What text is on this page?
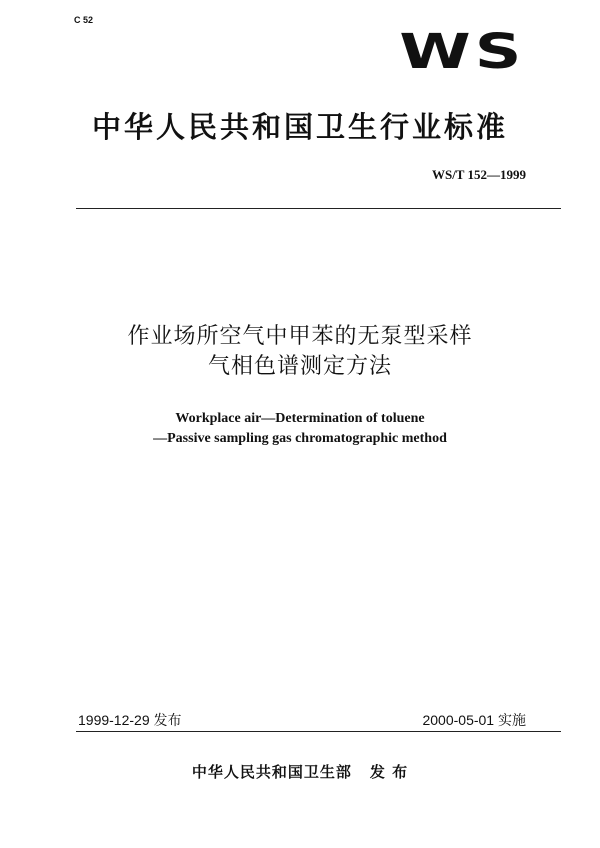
C 52
WS
中华人民共和国卫生行业标准
WS/T 152—1999
作业场所空气中甲苯的无泵型采样
气相色谱测定方法
Workplace air—Determination of toluene
—Passive sampling gas chromatographic method
1999-12-29 发布	2000-05-01 实施
中华人民共和国卫生部 发 布
